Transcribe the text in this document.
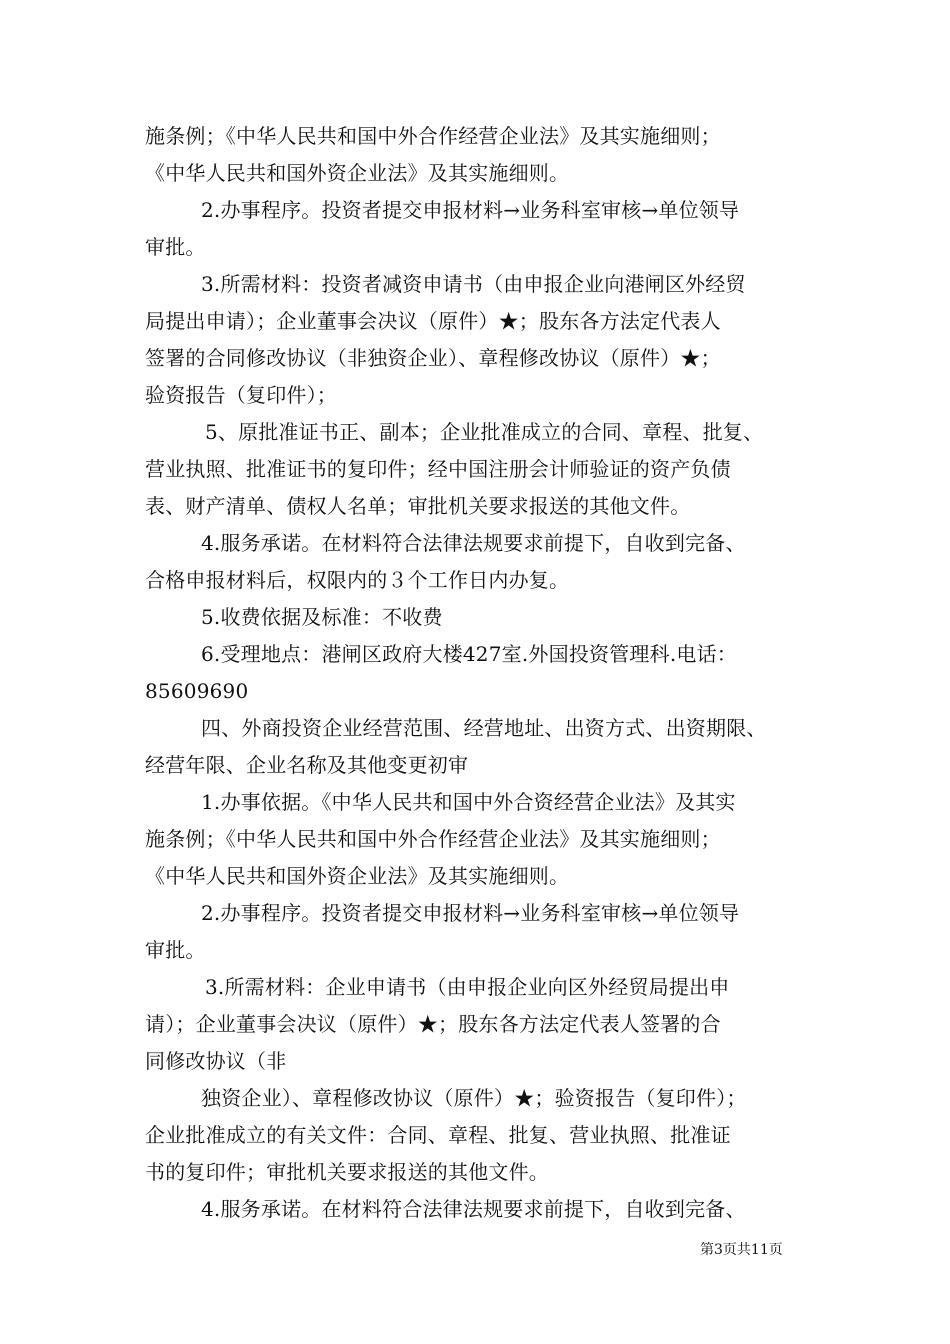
施条例；《中华人民共和国中外合作经营企业法》及其实施细则；
《中华人民共和国外资企业法》及其实施细则。
2.办事程序。投资者提交申报材料→业务科室审核→单位领导
审批。
3.所需材料：投资者减资申请书（由申报企业向港闸区外经贸
局提出申请）；企业董事会决议（原件）★；股东各方法定代表人
签署的合同修改协议（非独资企业）、章程修改协议（原件）★；
验资报告（复印件）；
5、原批准证书正、副本；企业批准成立的合同、章程、批复、
营业执照、批准证书的复印件；经中国注册会计师验证的资产负债
表、财产清单、债权人名单；审批机关要求报送的其他文件。
4.服务承诺。在材料符合法律法规要求前提下，自收到完备、
合格申报材料后，权限内的３个工作日内办复。
5.收费依据及标准：不收费
6.受理地点：港闸区政府大楼427室.外国投资管理科.电话：
85609690
四、外商投资企业经营范围、经营地址、出资方式、出资期限、
经营年限、企业名称及其他变更初审
1.办事依据。《中华人民共和国中外合资经营企业法》及其实
施条例；《中华人民共和国中外合作经营企业法》及其实施细则；
《中华人民共和国外资企业法》及其实施细则。
2.办事程序。投资者提交申报材料→业务科室审核→单位领导
审批。
3.所需材料：企业申请书（由申报企业向区外经贸局提出申
请）；企业董事会决议（原件）★；股东各方法定代表人签署的合
同修改协议（非
独资企业）、章程修改协议（原件）★；验资报告（复印件）；
企业批准成立的有关文件：合同、章程、批复、营业执照、批准证
书的复印件；审批机关要求报送的其他文件。
4.服务承诺。在材料符合法律法规要求前提下，自收到完备、
第3页共11页
